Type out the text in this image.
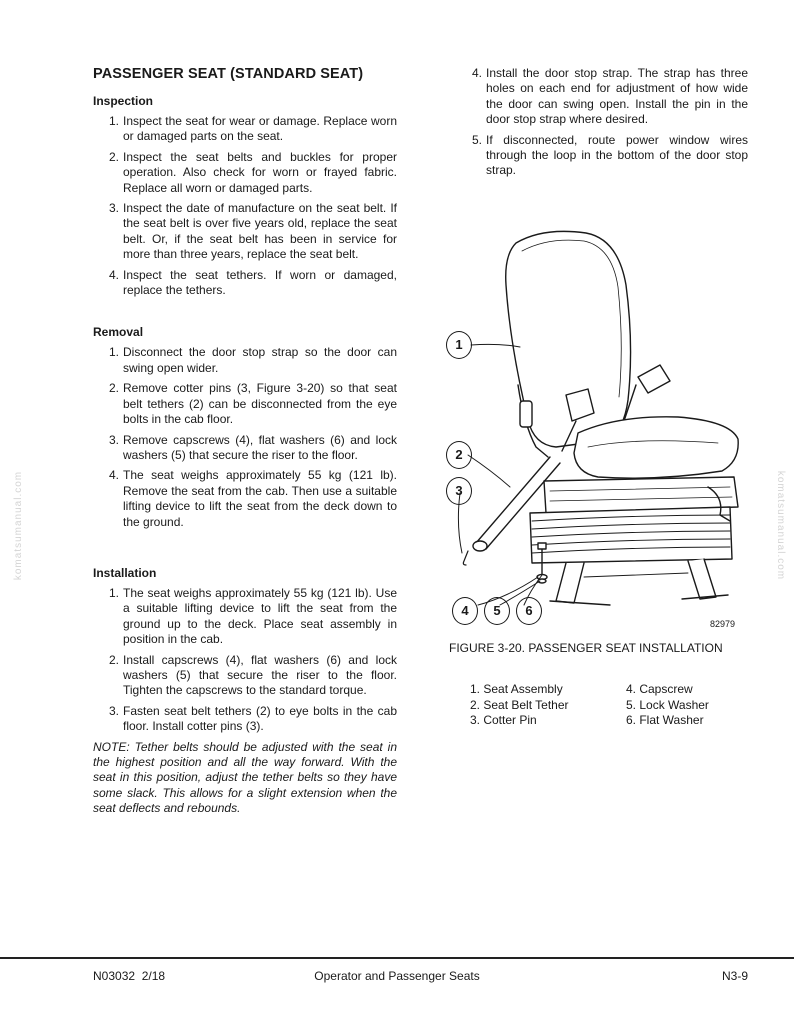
komatsumanual.com	komatsumanual.com
PASSENGER SEAT (STANDARD SEAT)
Inspection
1. Inspect the seat for wear or damage. Replace worn or damaged parts on the seat.
2. Inspect the seat belts and buckles for proper operation. Also check for worn or frayed fabric. Replace all worn or damaged parts.
3. Inspect the date of manufacture on the seat belt. If the seat belt is over five years old, replace the seat belt. Or, if the seat belt has been in service for more than three years, replace the seat belt.
4. Inspect the seat tethers. If worn or damaged, replace the tethers.
Removal
1. Disconnect the door stop strap so the door can swing open wider.
2. Remove cotter pins (3, Figure 3-20) so that seat belt tethers (2) can be disconnected from the eye bolts in the cab floor.
3. Remove capscrews (4), flat washers (6) and lock washers (5) that secure the riser to the floor.
4. The seat weighs approximately 55 kg (121 lb). Remove the seat from the cab. Then use a suitable lifting device to lift the seat from the deck down to the ground.
Installation
1. The seat weighs approximately 55 kg (121 lb). Use a suitable lifting device to lift the seat from the ground up to the deck. Place seat assembly in position in the cab.
2. Install capscrews (4), flat washers (6) and lock washers (5) that secure the riser to the floor. Tighten the capscrews to the standard torque.
3. Fasten seat belt tethers (2) to eye bolts in the cab floor. Install cotter pins (3).

NOTE: Tether belts should be adjusted with the seat in the highest position and all the way forward. With the seat in this position, adjust the tether belts so they have some slack. This allows for a slight extension when the seat deflects and rebounds.

4. Install the door stop strap. The strap has three holes on each end for adjustment of how wide the door can swing open. Install the pin in the door stop strap where desired.
5. If disconnected, route power window wires through the loop in the bottom of the door stop strap.
1
2
3
4	5	6
82979
FIGURE 3-20. PASSENGER SEAT INSTALLATION
1. Seat Assembly
2. Seat Belt Tether
3. Cotter Pin
4. Capscrew
5. Lock Washer
6. Flat Washer
N03032  2/18	Operator and Passenger Seats	N3-9
